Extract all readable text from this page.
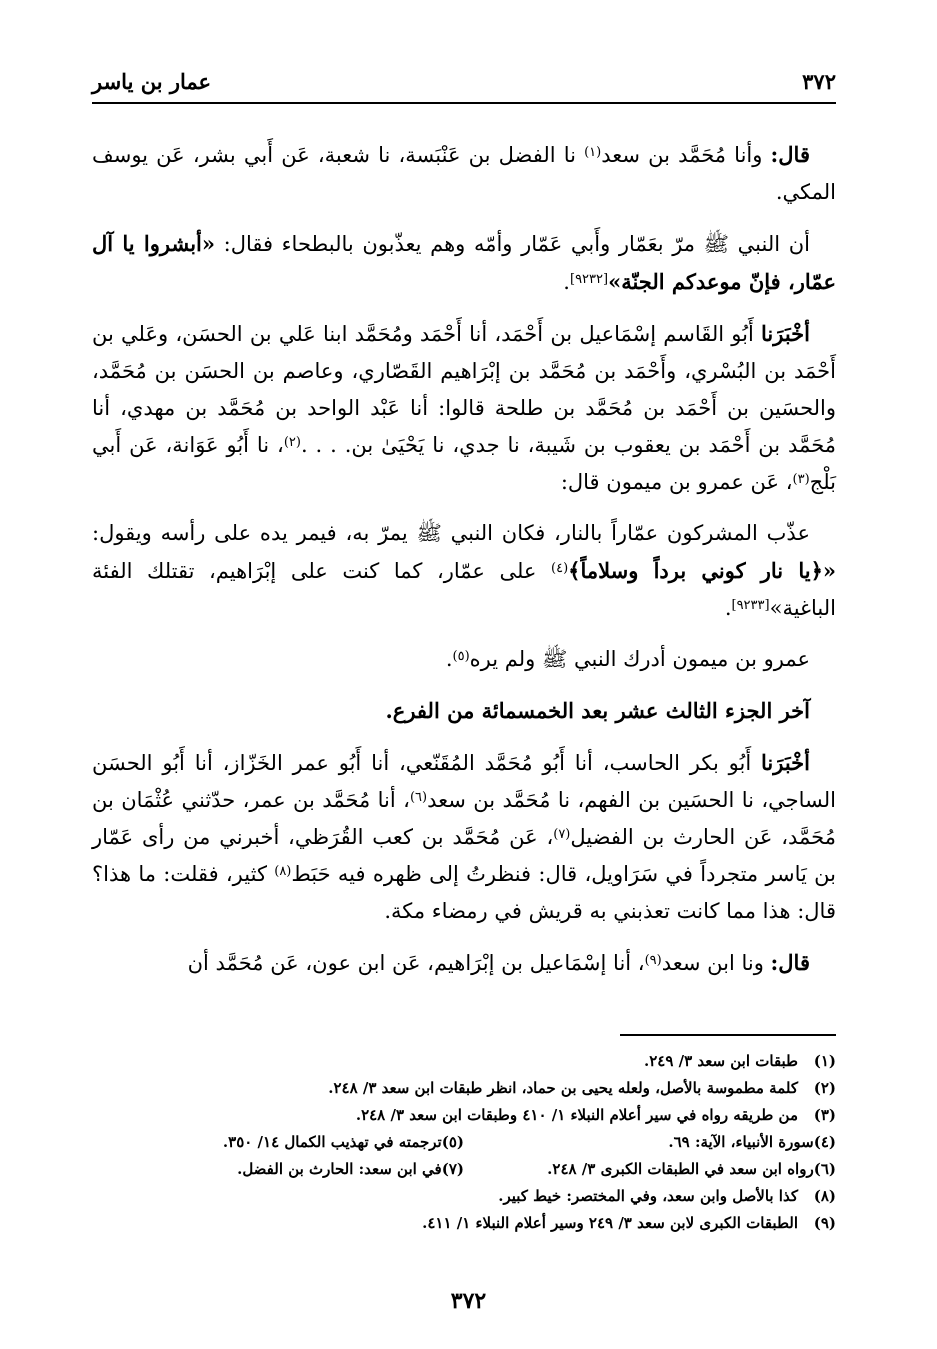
٣٧٢
عمار بن ياسر

قال: وأنا مُحَمَّد بن سعد$^{(١)}$ نا الفضل بن عَنْبَسة، نا شعبة، عَن أَبي بشر، عَن يوسف المكي.

أن النبي ﷺ مرّ بعَمّار وأَبي عَمّار وأمّه وهم يعذّبون بالبطحاء فقال: «أبشروا يا آل عمّار، فإنّ موعدكم الجنّة»[٩٢٣٢].

أخْبَرَنا أَبُو القَاسم إسْمَاعيل بن أَحْمَد، أنا أَحْمَد ومُحَمَّد ابنا عَلي بن الحسَن، وعَلي بن أَحْمَد بن البُسْري، وأَحْمَد بن مُحَمَّد بن إبْرَاهيم القَصّاري، وعاصم بن الحسَن بن مُحَمَّد، والحسَين بن أَحْمَد بن مُحَمَّد بن طلحة قالوا: أنا عَبْد الواحد بن مُحَمَّد بن مهدي، أنا مُحَمَّد بن أَحْمَد بن يعقوب بن شَيبة، نا جدي، نا يَحْيَىٰ بن. . . .$^{(٢)}$، نا أَبُو عَوَانة، عَن أَبي بَلْج$^{(٣)}$، عَن عمرو بن ميمون قال:

عذّب المشركون عمّاراً بالنار، فكان النبي ﷺ يمرّ به، فيمر يده على رأسه ويقول: «﴿يا نار كوني برداً وسلاماً﴾$^{(٤)}$ على عمّار، كما كنت على إبْرَاهيم، تقتلك الفئة الباغية»[٩٢٣٣].

عمرو بن ميمون أدرك النبي ﷺ ولم يره$^{(٥)}$.

آخر الجزء الثالث عشر بعد الخمسمائة من الفرع.

أخْبَرَنا أَبُو بكر الحاسب، أنا أَبُو مُحَمَّد المُقَنّعي، أنا أَبُو عمر الخَزّاز، أنا أَبُو الحسَن الساجي، نا الحسَين بن الفهم، نا مُحَمَّد بن سعد$^{(٦)}$، أنا مُحَمَّد بن عمر، حدّثني عُثْمَان بن مُحَمَّد، عَن الحارث بن الفضيل$^{(٧)}$، عَن مُحَمَّد بن كعب القُرَظي، أخبرني من رأى عَمّار بن يَاسر متجرداً في سَرَاويل، قال: فنظرتُ إلى ظهره فيه حَبَط$^{(٨)}$ كثير، فقلت: ما هذا؟ قال: هذا مما كانت تعذبني به قريش في رمضاء مكة.

قال: ونا ابن سعد$^{(٩)}$، أنا إسْمَاعيل بن إبْرَاهيم، عَن ابن عون، عَن مُحَمَّد أن

(١)
طبقات ابن سعد ٣/ ٢٤٩.
(٢)
كلمة مطموسة بالأصل، ولعله يحيى بن حماد، انظر طبقات ابن سعد ٣/ ٢٤٨.
(٣)
من طريقه رواه في سير أعلام النبلاء ١/ ٤١٠ وطبقات ابن سعد ٣/ ٢٤٨.
(٤)
سورة الأنبياء، الآية: ٦٩.
(٥)
ترجمته في تهذيب الكمال ١٤/ ٣٥٠.
(٦)
رواه ابن سعد في الطبقات الكبرى ٣/ ٢٤٨.
(٧)
في ابن سعد: الحارث بن الفضل.
(٨)
كذا بالأصل وابن سعد، وفي المختصر: خيط كبير.
(٩)
الطبقات الكبرى لابن سعد ٣/ ٢٤٩ وسير أعلام النبلاء ١/ ٤١١.
٣٧٢
